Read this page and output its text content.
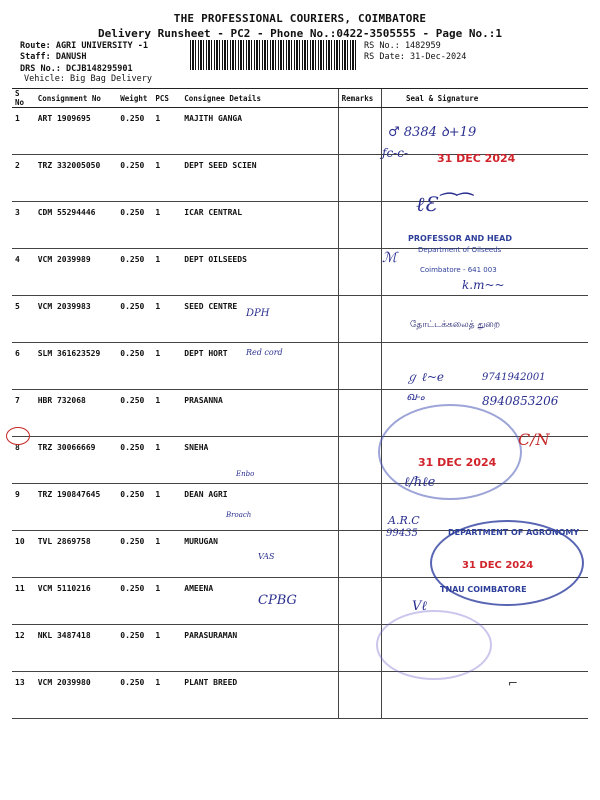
THE PROFESSIONAL COURIERS, COIMBATORE
Delivery Runsheet - PC2 - Phone No.:0422-3505555 - Page No.:1
Route: AGRI UNIVERSITY -1
Staff: DANUSH
DRS No.: DCJB148295901
Vehicle: Big Bag Delivery
RS No.: 1482959
RS Date: 31-Dec-2024
S No	Consignment No	Weight	PCS	Consignee Details	Remarks	Seal & Signature
1	ART 1909695	0.250	1	MAJITH GANGA		
2	TRZ 332005050	0.250	1	DEPT SEED SCIEN		
3	CDM 55294446	0.250	1	ICAR CENTRAL		
4	VCM 2039989	0.250	1	DEPT OILSEEDS		
5	VCM 2039983	0.250	1	SEED CENTRE		
6	SLM 361623529	0.250	1	DEPT HORT		
7	HBR 732068	0.250	1	PRASANNA		
8	TRZ 30066669	0.250	1	SNEHA		
9	TRZ 190847645	0.250	1	DEAN AGRI		
10	TVL 2869758	0.250	1	MURUGAN		
11	VCM 5110216	0.250	1	AMEENA		
12	NKL 3487418	0.250	1	PARASURAMAN		
13	VCM 2039980	0.250	1	PLANT BREED		
♂ 8384 ꝺ+19
ƒc‑c‑	31 DEC 2024
ℓƐ⁀⁀
PROFESSOR AND HEAD
Department of Oilseeds
Coimbatore - 641 003
ℳ
k.m~~
DPH
தோட்டக்கலைத் துறை
Red cord
ℊ ℓ~e	9741942001
ഖ‑ം	8940853206
C/N
31 DEC 2024
Enbo
ℓ/ℏℓe
Broach	A.R.C
99435
VAS
DEPARTMENT OF AGRONOMY
31 DEC 2024
TNAU COIMBATORE
CPBG	Vℓ
⌐
